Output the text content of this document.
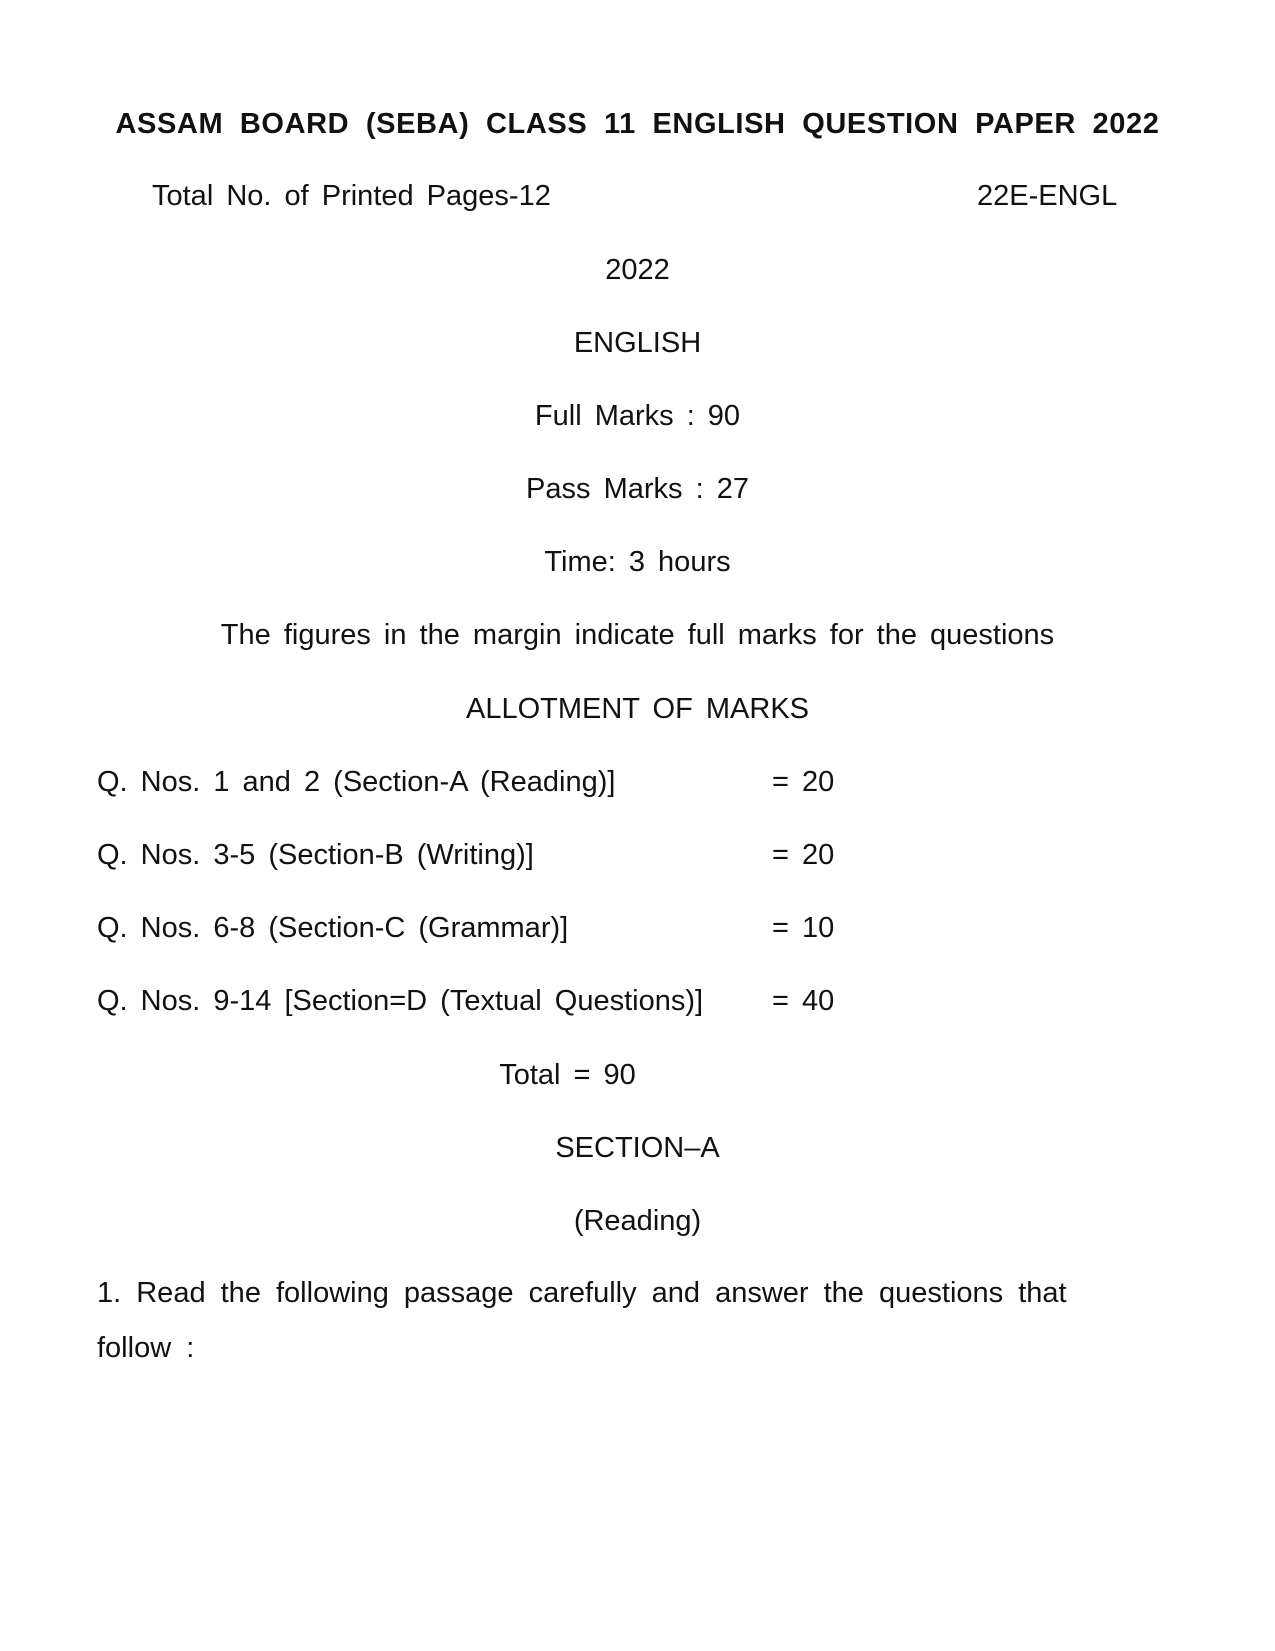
ASSAM BOARD (SEBA) CLASS 11 ENGLISH QUESTION PAPER 2022
Total No. of Printed Pages-12	22E-ENGL
2022
ENGLISH
Full Marks : 90
Pass Marks : 27
Time: 3 hours
The figures in the margin indicate full marks for the questions
ALLOTMENT OF MARKS
Q. Nos. 1 and 2 (Section-A (Reading)]	= 20
Q. Nos. 3-5 (Section-B (Writing)]	= 20
Q. Nos. 6-8 (Section-C (Grammar)]	= 10
Q. Nos. 9-14 [Section=D (Textual Questions)] = 40
Total = 90
SECTION–A
(Reading)
1. Read the following passage carefully and answer the questions that follow :
